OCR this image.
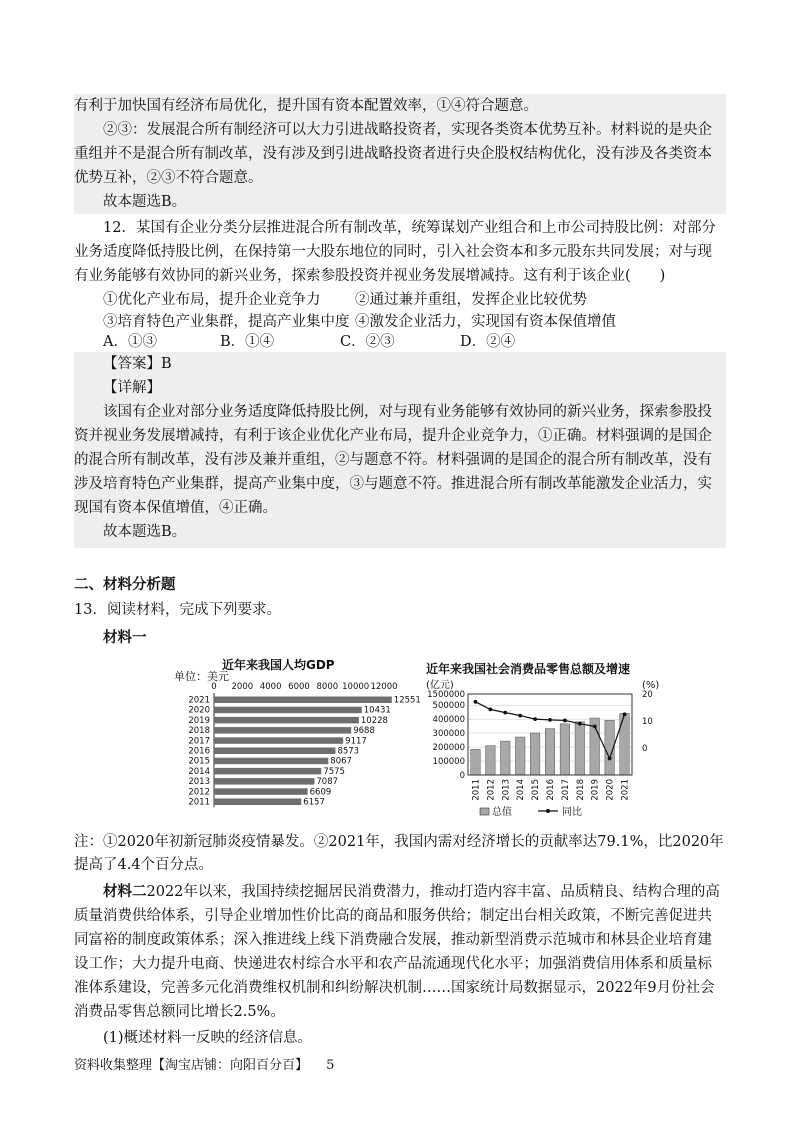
有利于加快国有经济布局优化，提升国有资本配置效率，①④符合题意。
②③：发展混合所有制经济可以大力引进战略投资者，实现各类资本优势互补。材料说的是央企重组并不是混合所有制改革，没有涉及到引进战略投资者进行央企股权结构优化，没有涉及各类资本优势互补，②③不符合题意。
故本题选B。
12．某国有企业分类分层推进混合所有制改革，统筹谋划产业组合和上市公司持股比例：对部分业务适度降低持股比例，在保持第一大股东地位的同时，引入社会资本和多元股东共同发展；对与现有业务能够有效协同的新兴业务，探索参股投资并视业务发展增减持。这有利于该企业(　　)
①优化产业布局，提升企业竞争力 ②通过兼并重组，发挥企业比较优势
③培育特色产业集群，提高产业集中度 ④激发企业活力，实现国有资本保值增值
A．①③	B．①④	C．②③	D．②④
【答案】B
【详解】
该国有企业对部分业务适度降低持股比例，对与现有业务能够有效协同的新兴业务，探索参股投资并视业务发展增减持，有利于该企业优化产业布局，提升企业竞争力，①正确。材料强调的是国企的混合所有制改革，没有涉及兼并重组，②与题意不符。材料强调的是国企的混合所有制改革，没有涉及培育特色产业集群，提高产业集中度，③与题意不符。推进混合所有制改革能激发企业活力，实现国有资本保值增值，④正确。
故本题选B。
二、材料分析题
13．阅读材料，完成下列要求。
材料一
近年来我国人均GDP
单位：美元
0 2000 4000 6000 8000 10000 12000
2021	12551
2020	10431
2019	10228
2018	9688
2017	9117
2016	8573
2015	8067
2014	7575
2013	7087
2012	6609
2011	6157
近年来我国社会消费品零售总额及增速
(亿元)	(%)
0
100000
200000
300000
400000
500000
1500000
0
10
20
2011 2012 2013 2014 2015 2016 2017 2018 2019 2020 2021
总值	同比
注：①2020年初新冠肺炎疫情暴发。②2021年，我国内需对经济增长的贡献率达79.1%，比2020年
提高了4.4个百分点。
材料二2022年以来，我国持续挖掘居民消费潜力，推动打造内容丰富、品质精良、结构合理的高质量消费供给体系，引导企业增加性价比高的商品和服务供给；制定出台相关政策，不断完善促进共同富裕的制度政策体系；深入推进线上线下消费融合发展，推动新型消费示范城市和林县企业培育建设工作；大力提升电商、快递进农村综合水平和农产品流通现代化水平；加强消费信用体系和质量标准体系建设，完善多元化消费维权机制和纠纷解决机制……国家统计局数据显示，2022年9月份社会消费品零售总额同比增长2.5%。
(1)概述材料一反映的经济信息。
资料收集整理【淘宝店铺：向阳百分百】 5
